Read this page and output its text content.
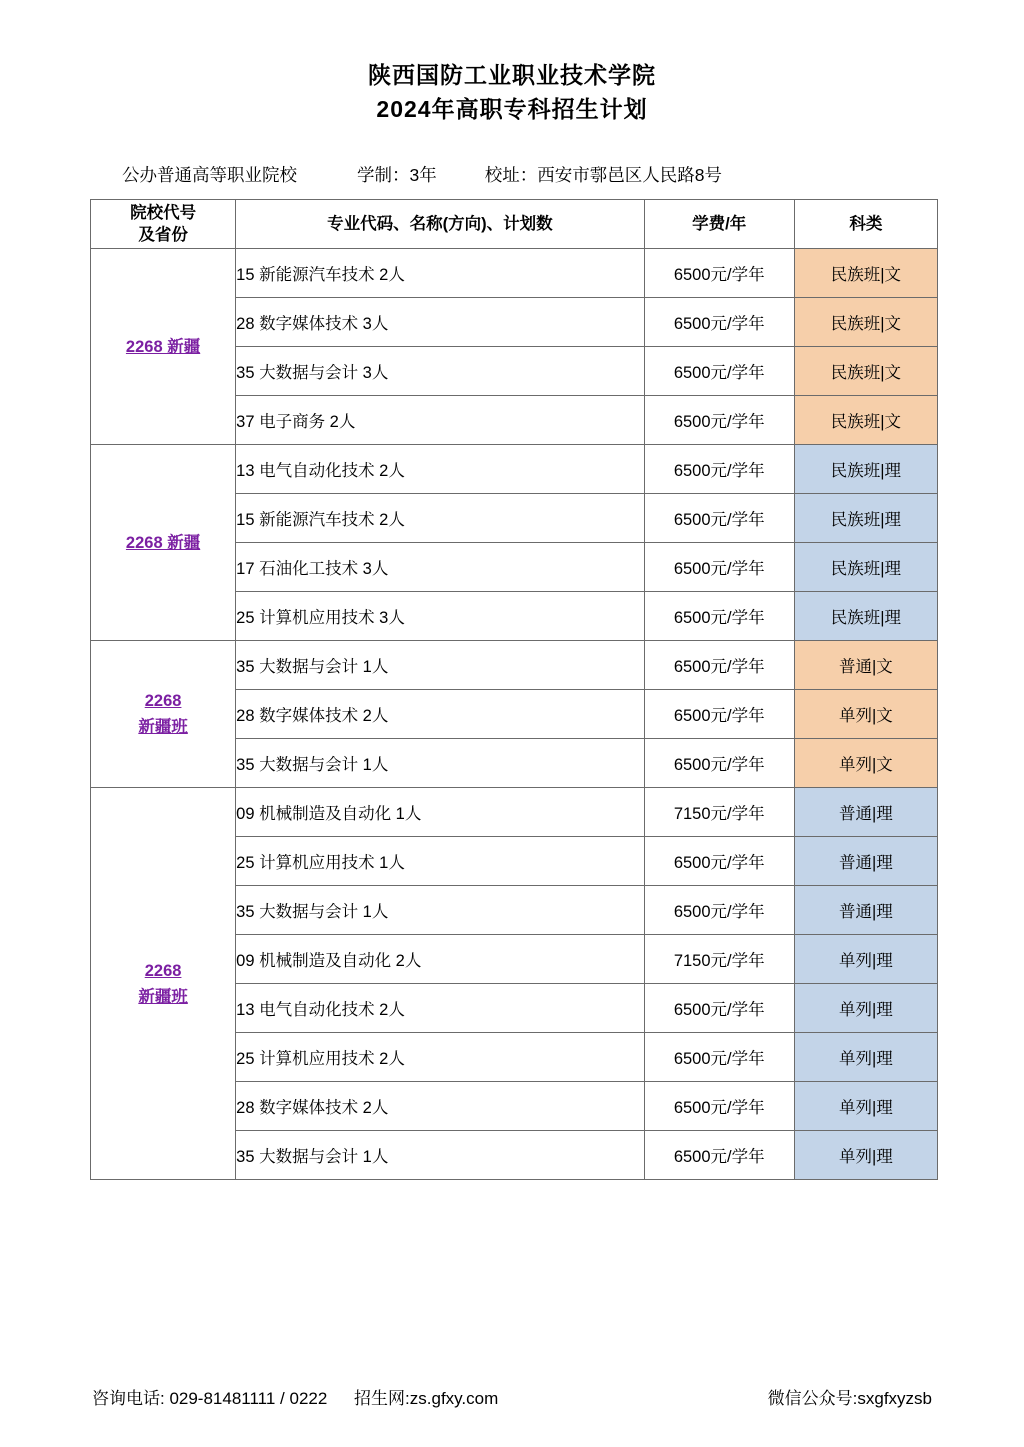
陕西国防工业职业技术学院
2024年高职专科招生计划
公办普通高等职业院校	学制：3年	校址：西安市鄠邑区人民路8号
院校代号
及省份	专业代码、名称(方向)、计划数	学费/年	科类
2268 新疆	15 新能源汽车技术 2人	6500元/学年	民族班|文
	28 数字媒体技术 3人	6500元/学年	民族班|文
	35 大数据与会计 3人	6500元/学年	民族班|文
	37 电子商务 2人	6500元/学年	民族班|文
2268 新疆	13 电气自动化技术 2人	6500元/学年	民族班|理
	15 新能源汽车技术 2人	6500元/学年	民族班|理
	17 石油化工技术 3人	6500元/学年	民族班|理
	25 计算机应用技术 3人	6500元/学年	民族班|理
2268
新疆班	35 大数据与会计 1人	6500元/学年	普通|文
	28 数字媒体技术 2人	6500元/学年	单列|文
	35 大数据与会计 1人	6500元/学年	单列|文
2268
新疆班	09 机械制造及自动化 1人	7150元/学年	普通|理
	25 计算机应用技术 1人	6500元/学年	普通|理
	35 大数据与会计 1人	6500元/学年	普通|理
	09 机械制造及自动化 2人	7150元/学年	单列|理
	13 电气自动化技术 2人	6500元/学年	单列|理
	25 计算机应用技术 2人	6500元/学年	单列|理
	28 数字媒体技术 2人	6500元/学年	单列|理
	35 大数据与会计 1人	6500元/学年	单列|理
咨询电话: 029-81481111 / 0222 招生网:zs.gfxy.com	微信公众号:sxgfxyzsb
